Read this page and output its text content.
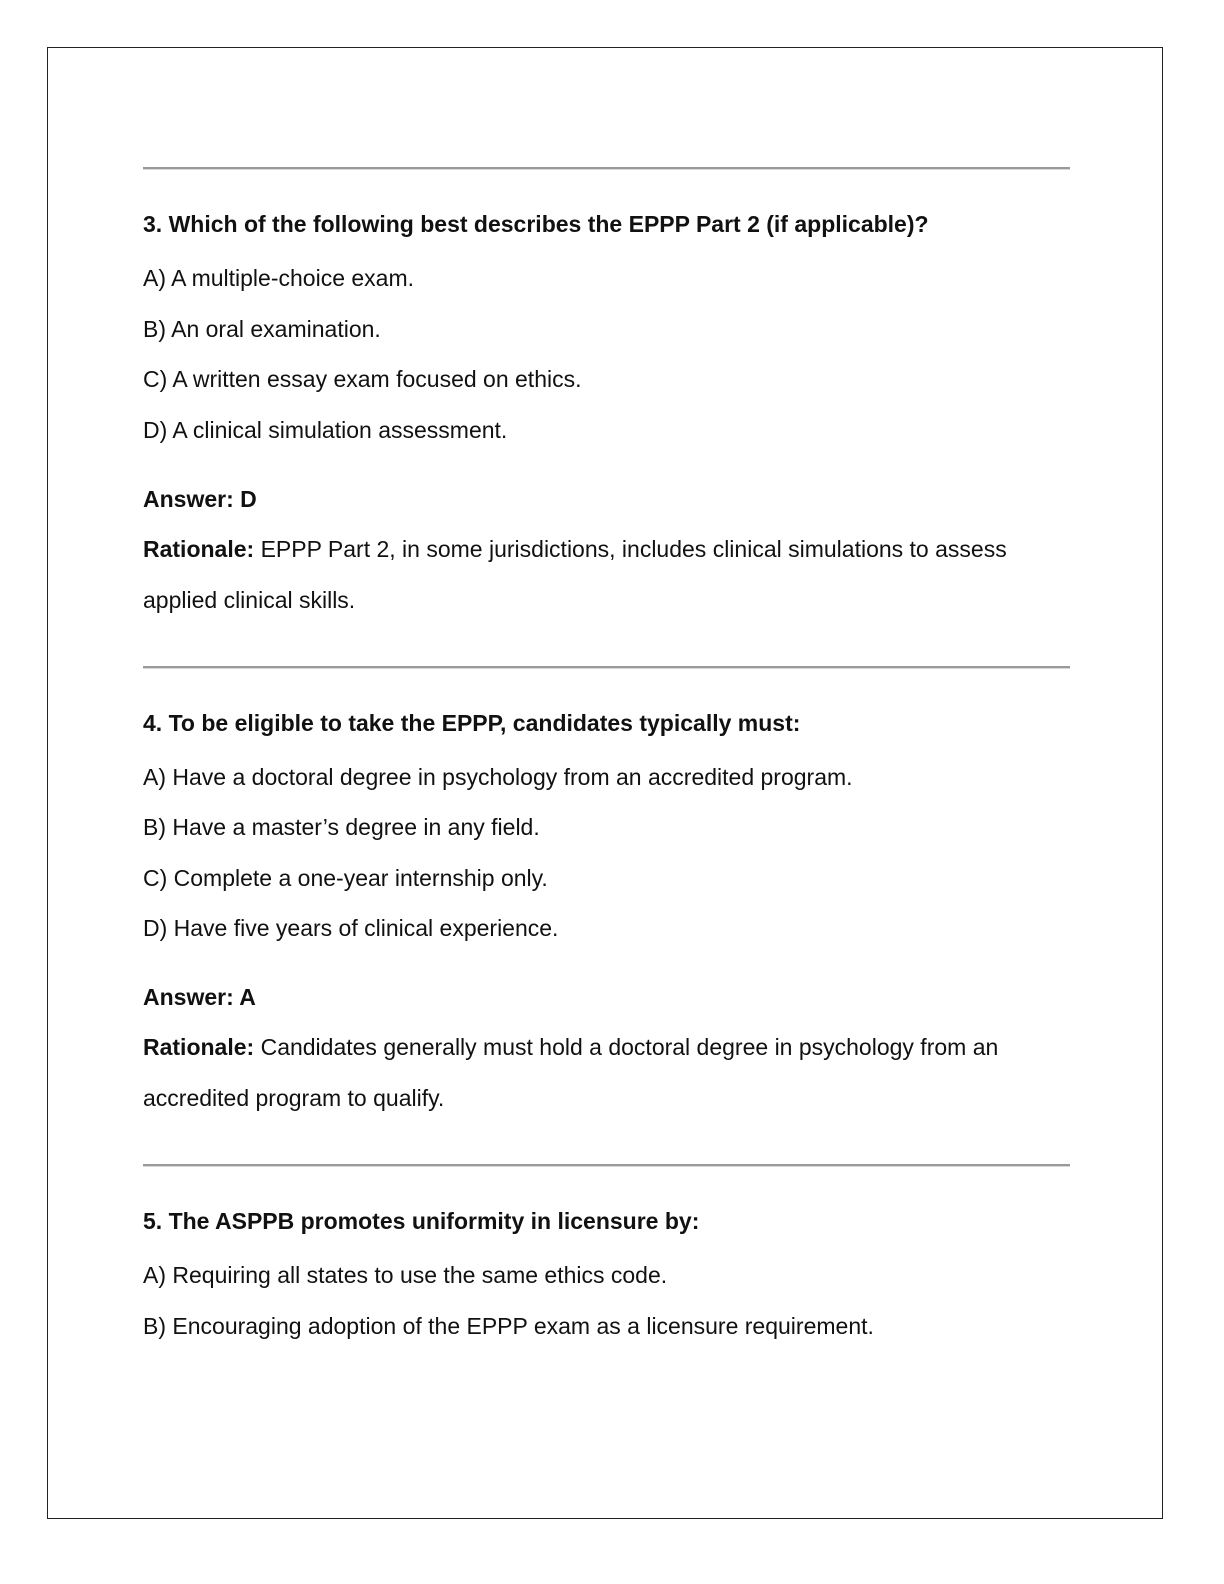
3. Which of the following best describes the EPPP Part 2 (if applicable)?

A) A multiple-choice exam.

B) An oral examination.

C) A written essay exam focused on ethics.

D) A clinical simulation assessment.

Answer: D

Rationale: EPPP Part 2, in some jurisdictions, includes clinical simulations to assess applied clinical skills.

4. To be eligible to take the EPPP, candidates typically must:

A) Have a doctoral degree in psychology from an accredited program.

B) Have a master’s degree in any field.

C) Complete a one-year internship only.

D) Have five years of clinical experience.

Answer: A

Rationale: Candidates generally must hold a doctoral degree in psychology from an accredited program to qualify.

5. The ASPPB promotes uniformity in licensure by:

A) Requiring all states to use the same ethics code.

B) Encouraging adoption of the EPPP exam as a licensure requirement.
